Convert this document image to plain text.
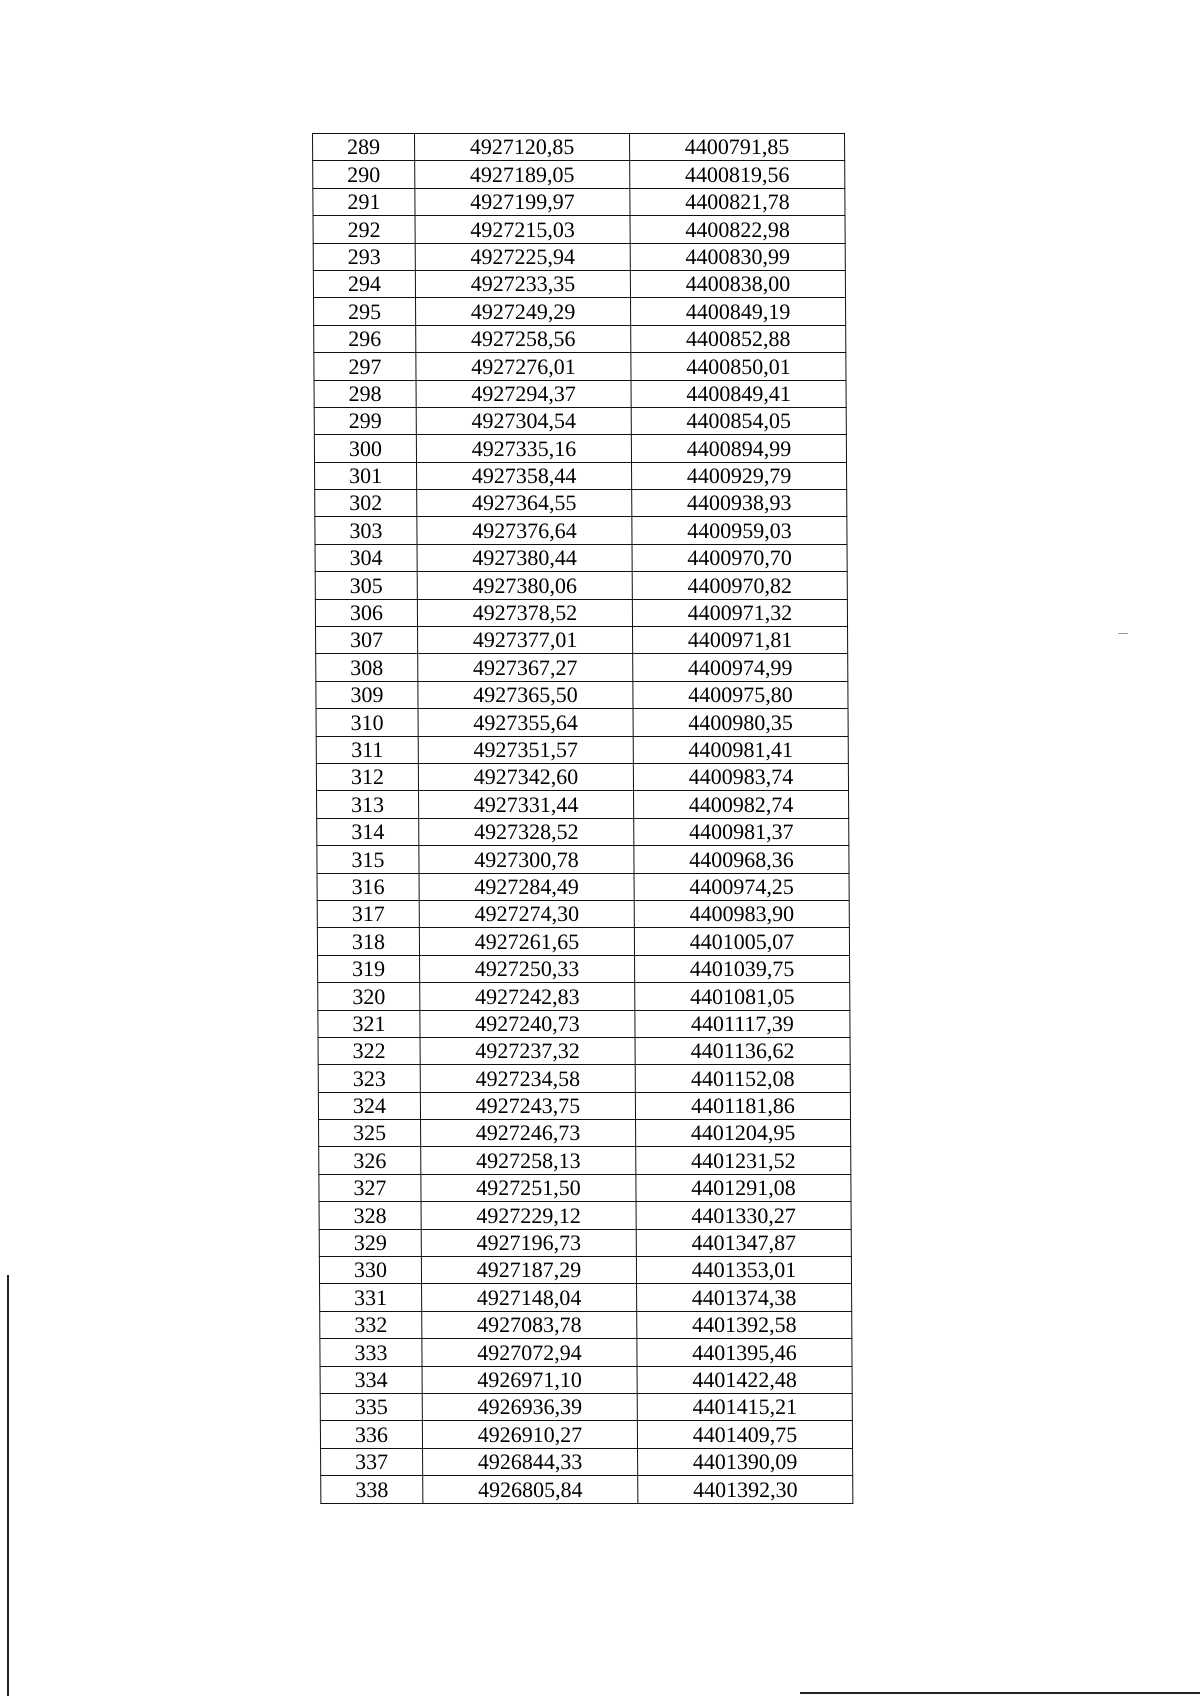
289	4927120,85	4400791,85
290	4927189,05	4400819,56
291	4927199,97	4400821,78
292	4927215,03	4400822,98
293	4927225,94	4400830,99
294	4927233,35	4400838,00
295	4927249,29	4400849,19
296	4927258,56	4400852,88
297	4927276,01	4400850,01
298	4927294,37	4400849,41
299	4927304,54	4400854,05
300	4927335,16	4400894,99
301	4927358,44	4400929,79
302	4927364,55	4400938,93
303	4927376,64	4400959,03
304	4927380,44	4400970,70
305	4927380,06	4400970,82
306	4927378,52	4400971,32
307	4927377,01	4400971,81
308	4927367,27	4400974,99
309	4927365,50	4400975,80
310	4927355,64	4400980,35
311	4927351,57	4400981,41
312	4927342,60	4400983,74
313	4927331,44	4400982,74
314	4927328,52	4400981,37
315	4927300,78	4400968,36
316	4927284,49	4400974,25
317	4927274,30	4400983,90
318	4927261,65	4401005,07
319	4927250,33	4401039,75
320	4927242,83	4401081,05
321	4927240,73	4401117,39
322	4927237,32	4401136,62
323	4927234,58	4401152,08
324	4927243,75	4401181,86
325	4927246,73	4401204,95
326	4927258,13	4401231,52
327	4927251,50	4401291,08
328	4927229,12	4401330,27
329	4927196,73	4401347,87
330	4927187,29	4401353,01
331	4927148,04	4401374,38
332	4927083,78	4401392,58
333	4927072,94	4401395,46
334	4926971,10	4401422,48
335	4926936,39	4401415,21
336	4926910,27	4401409,75
337	4926844,33	4401390,09
338	4926805,84	4401392,30
